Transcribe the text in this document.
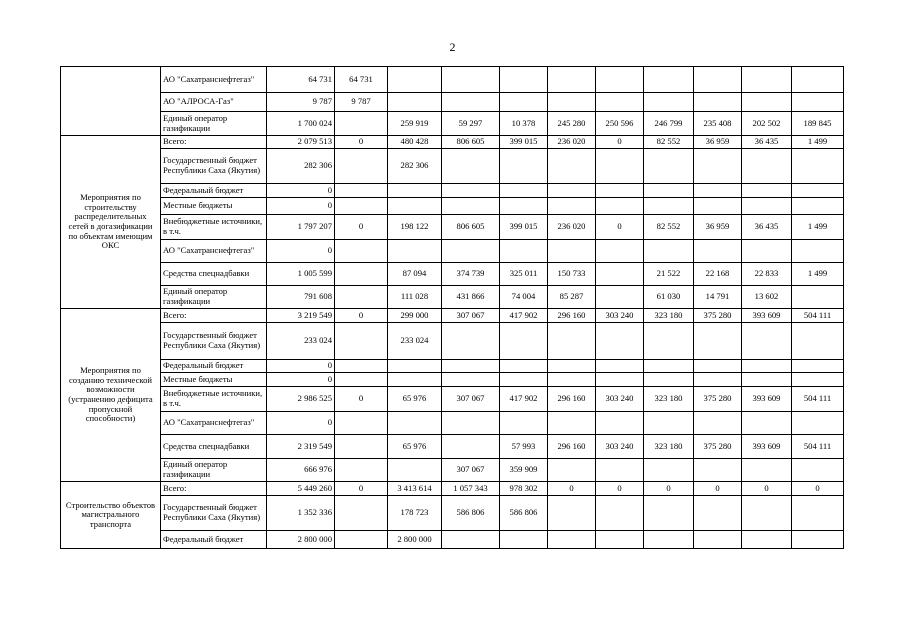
2
	АО "Сахатранснефтегаз"	64 731	64 731										
	АО "АЛРОСА-Газ"	9 787	9 787										
	Единый оператор газификации	1 700 024		259 919	59 297	10 378	245 280	250 596	246 799	235 408	202 502	189 845	
Мероприятия по строительству распределительных сетей в догазификации по объектам имеющим ОКС	Всего:	2 079 513	0	480 428	806 605	399 015	236 020	0	82 552	36 959	36 435	1 499	
	Государственный бюджет Республики Саха (Якутия)	282 306		282 306									
	Федеральный бюджет	0											
	Местные бюджеты	0											
	Внебюджетные источники, в т.ч.	1 797 207	0	198 122	806 605	399 015	236 020	0	82 552	36 959	36 435	1 499	
	АО "Сахатранснефтегаз"	0											
	Средства спецнадбавки	1 005 599		87 094	374 739	325 011	150 733		21 522	22 168	22 833	1 499	
	Единый оператор газификации	791 608		111 028	431 866	74 004	85 287		61 030	14 791	13 602		
Мероприятия по созданию технической возможности (устранению дефицита пропускной способности)	Всего:	3 219 549	0	299 000	307 067	417 902	296 160	303 240	323 180	375 280	393 609	504 111	
	Государственный бюджет Республики Саха (Якутия)	233 024		233 024									
	Федеральный бюджет	0											
	Местные бюджеты	0											
	Внебюджетные источники, в т.ч.	2 986 525	0	65 976	307 067	417 902	296 160	303 240	323 180	375 280	393 609	504 111	
	АО "Сахатранснефтегаз"	0											
	Средства спецнадбавки	2 319 549		65 976		57 993	296 160	303 240	323 180	375 280	393 609	504 111	
	Единый оператор газификации	666 976			307 067	359 909							
Строительство объектов магистрального транспорта	Всего:	5 449 260	0	3 413 614	1 057 343	978 302	0	0	0	0	0	0	
	Государственный бюджет Республики Саха (Якутия)	1 352 336		178 723	586 806	586 806							
	Федеральный бюджет	2 800 000		2 800 000									
